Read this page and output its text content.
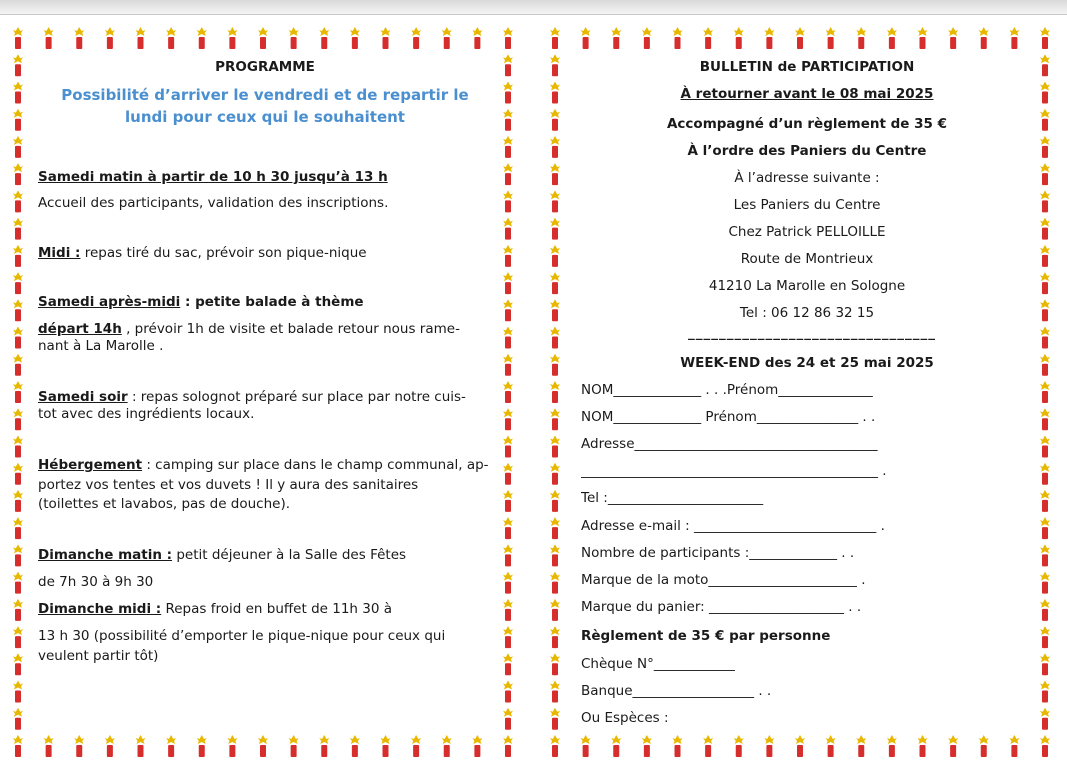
PROGRAMME
Possibilité d’arriver le vendredi et de repartir le lundi pour ceux qui le souhaitent
Samedi matin à partir de 10 h 30 jusqu’à 13 h
Accueil des participants, validation des inscriptions.
Midi : repas tiré du sac, prévoir son pique-nique
Samedi après-midi : petite balade à thème
départ 14h , prévoir 1h de visite et balade retour nous rame-
nant à La Marolle .
Samedi soir : repas solognot préparé sur place par notre cuis-
tot avec des ingrédients locaux.
Hébergement : camping sur place dans le champ communal, ap-
portez vos tentes et vos duvets ! Il y aura des sanitaires
(toilettes et lavabos, pas de douche).
Dimanche matin : petit déjeuner à la Salle des Fêtes
de 7h 30 à 9h 30
Dimanche midi : Repas froid en buffet de 11h 30 à
13 h 30 (possibilité d’emporter le pique-nique pour ceux qui
veulent partir tôt)
BULLETIN de PARTICIPATION
À retourner avant le 08 mai 2025
Accompagné d’un règlement de 35 €
À l’ordre des Paniers du Centre
À l’adresse suivante :
Les Paniers du Centre
Chez Patrick PELLOILLE
Route de Montrieux
41210 La Marolle en Sologne
Tel : 06 12 86 32 15
________________________________
WEEK-END des 24 et 25 mai 2025
NOM_____________ . . .Prénom______________
NOM_____________ Prénom_______________ . .
Adresse____________________________________
____________________________________________ .
Tel :_______________________
Adresse e-mail : ___________________________ .
Nombre de participants :_____________ . .
Marque de la moto______________________ .
Marque du panier: ____________________ . .
Règlement de 35 € par personne
Chèque N°____________
Banque__________________ . .
Ou Espèces :
